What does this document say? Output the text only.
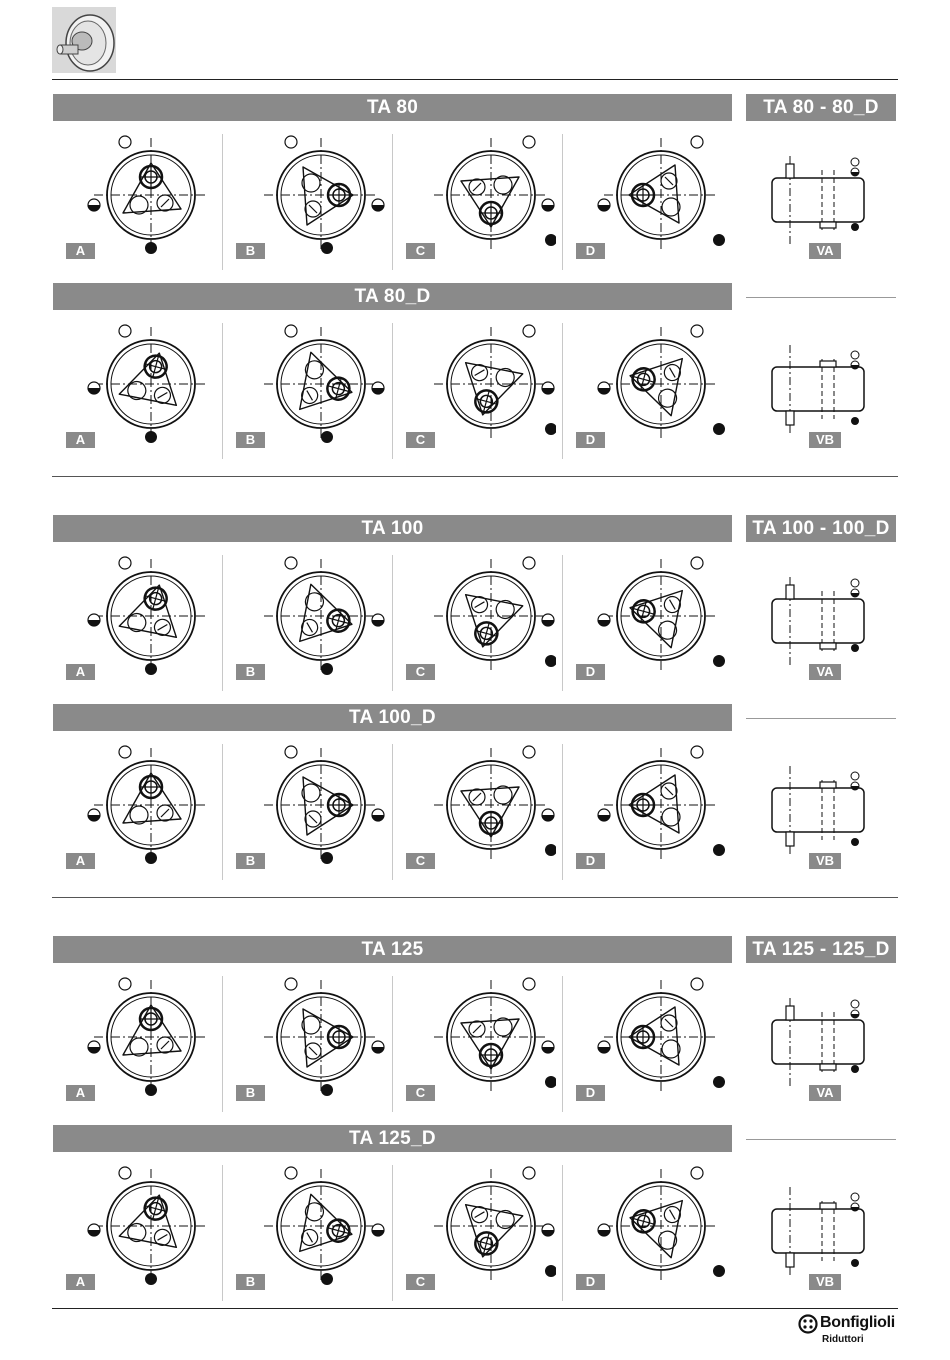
TA 80 - 80_D
TA 80
A	B	C	D	VA
TA 80_D
A	B	C	D	VB
TA 100 - 100_D
TA 100
A	B	C	D	VA
TA 100_D
A	B	C	D	VB
TA 125 - 125_D
TA 125
A	B	C	D	VA
TA 125_D
A	B	C	D	VB
Bonfiglioli
Riduttori
